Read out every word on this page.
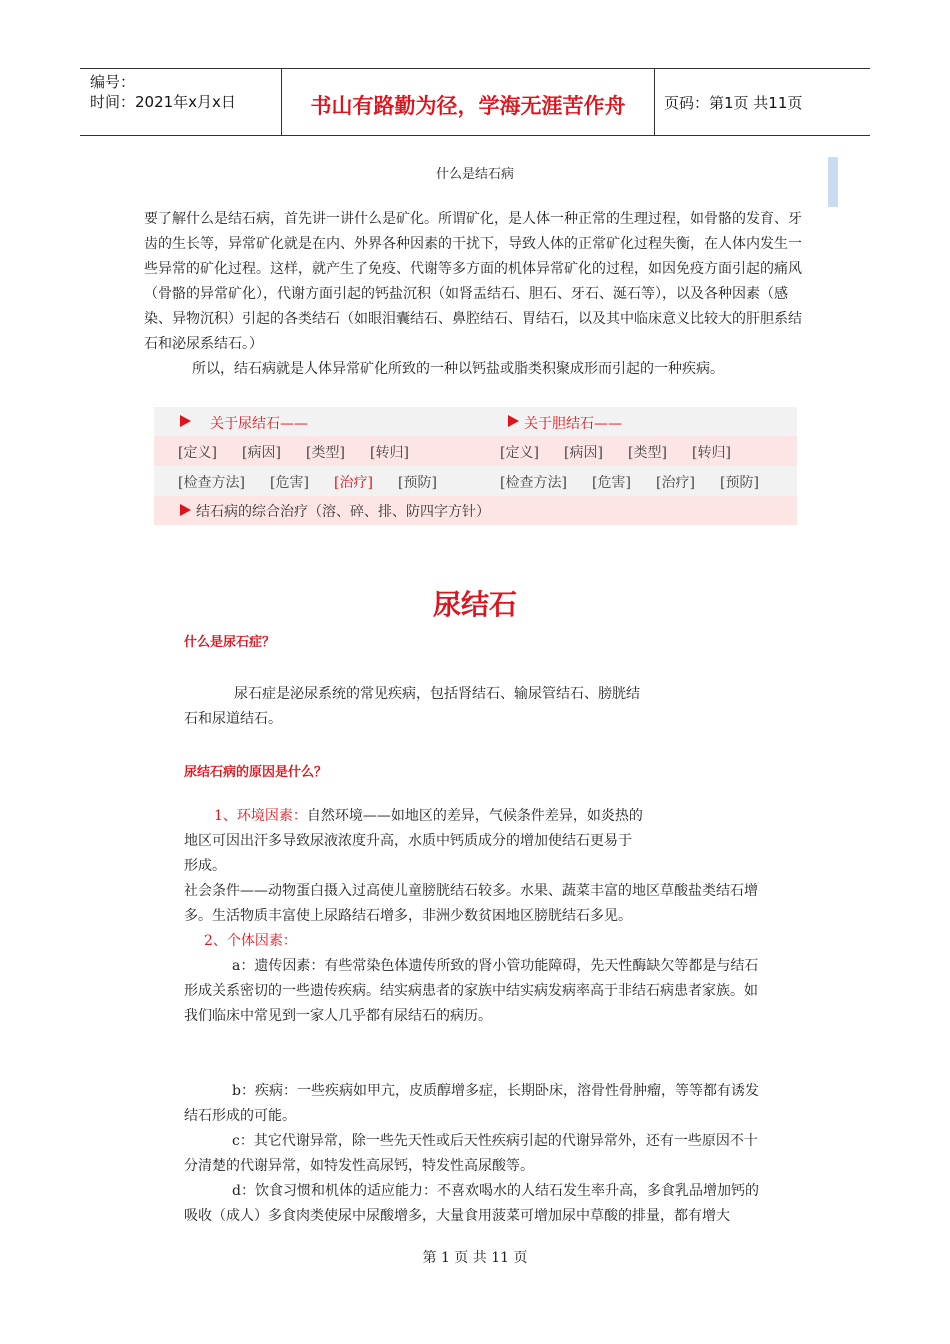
编号：
时间：2021年x月x日	书山有路勤为径，学海无涯苦作舟	页码：第1页 共11页
什么是结石病

要了解什么是结石病，首先讲一讲什么是矿化。所谓矿化，是人体一种正常的生理过程，如骨骼的发育、牙齿的生长等，异常矿化就是在内、外界各种因素的干扰下，导致人体的正常矿化过程失衡，在人体内发生一些异常的矿化过程。这样，就产生了免疫、代谢等多方面的机体异常矿化的过程，如因免疫方面引起的痛风（骨骼的异常矿化），代谢方面引起的钙盐沉积（如肾盂结石、胆石、牙石、涎石等），以及各种因素（感染、异物沉积）引起的各类结石（如眼泪囊结石、鼻腔结石、胃结石，以及其中临床意义比较大的肝胆系结石和泌尿系结石。）

所以，结石病就是人体异常矿化所致的一种以钙盐或脂类积聚成形而引起的一种疾病。

关于尿结石——	关于胆结石——
[定义] [病因] [类型] [转归]	[定义] [病因] [类型] [转归]
[检查方法] [危害] [治疗] [预防]	[检查方法] [危害] [治疗] [预防]
结石病的综合治疗（溶、碎、排、防四字方针）
尿结石
什么是尿石症？

尿石症是泌尿系统的常见疾病，包括肾结石、输尿管结石、膀胱结石和尿道结石。

尿结石病的原因是什么？

1、环境因素：自然环境——如地区的差异，气候条件差异，如炎热的地区可因出汗多导致尿液浓度升高，水质中钙质成分的增加使结石更易于形成。

社会条件——动物蛋白摄入过高使儿童膀胱结石较多。水果、蔬菜丰富的地区草酸盐类结石增多。生活物质丰富使上尿路结石增多，非洲少数贫困地区膀胱结石多见。

2、个体因素：

a：遗传因素：有些常染色体遗传所致的肾小管功能障碍，先天性酶缺欠等都是与结石形成关系密切的一些遗传疾病。结实病患者的家族中结实病发病率高于非结石病患者家族。如我们临床中常见到一家人几乎都有尿结石的病历。

b：疾病：一些疾病如甲亢，皮质醇增多症，长期卧床，溶骨性骨肿瘤，等等都有诱发结石形成的可能。

c：其它代谢异常，除一些先天性或后天性疾病引起的代谢异常外，还有一些原因不十分清楚的代谢异常，如特发性高尿钙，特发性高尿酸等。

d：饮食习惯和机体的适应能力：不喜欢喝水的人结石发生率升高，多食乳品增加钙的吸收（成人）多食肉类使尿中尿酸增多，大量食用菠菜可增加尿中草酸的排量，都有增大

第 1 页 共 11 页
